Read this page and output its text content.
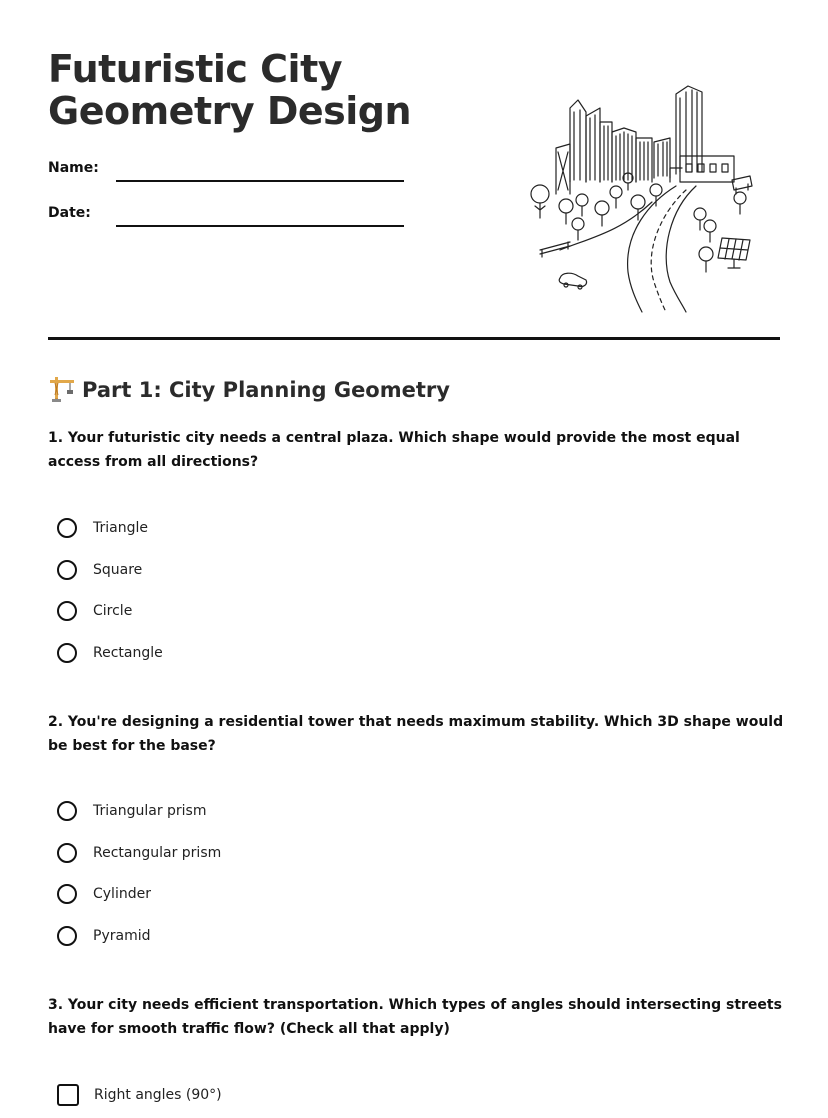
Futuristic City Geometry Design
Name:
Date:
Part 1: City Planning Geometry

1. Your futuristic city needs a central plaza. Which shape would provide the most equal access from all directions?

Triangle
Square
Circle
Rectangle

2. You're designing a residential tower that needs maximum stability. Which 3D shape would be best for the base?

Triangular prism
Rectangular prism
Cylinder
Pyramid

3. Your city needs efficient transportation. Which types of angles should intersecting streets have for smooth traffic flow? (Check all that apply)

Right angles (90°)
